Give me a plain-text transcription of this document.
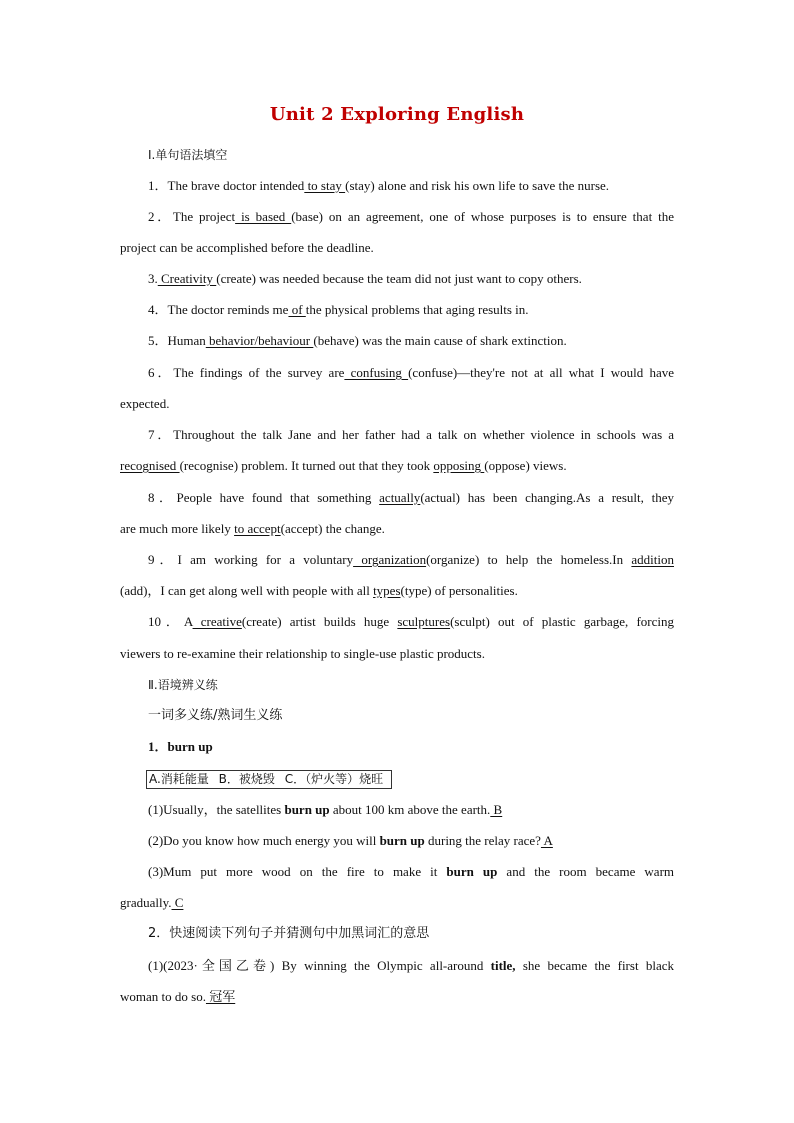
Unit 2 Exploring English
Ⅰ.单句语法填空
1．The brave doctor intended to stay (stay) alone and risk his own life to save the nurse.
2．The project is based (base) on an agreement, one of whose purposes is to ensure that the
project can be accomplished before the deadline.
3. Creativity (create) was needed because the team did not just want to copy others.
4．The doctor reminds me of the physical problems that aging results in.
5．Human behavior/behaviour (behave) was the main cause of shark extinction.
6．The findings of the survey are confusing (confuse)—they're not at all what I would have
expected.
7．Throughout the talk Jane and her father had a talk on whether violence in schools was a
recognised (recognise) problem. It turned out that they took opposing (oppose) views.
8．People have found that something actually(actual) has been changing.As a result, they
are much more likely to accept(accept) the change.
9．I am working for a voluntary organization(organize) to help the homeless.In addition
(add)，I can get along well with people with all types(type) of personalities.
10．A creative(create) artist builds huge sculptures(sculpt) out of plastic garbage, forcing
viewers to re-examine their relationship to single-use plastic products.
Ⅱ.语境辨义练
一词多义练/熟词生义练
1．burn up
A.消耗能量 B．被烧毁 C．（炉火等）烧旺
(1)Usually，the satellites burn up about 100 km above the earth. B
(2)Do you know how much energy you will burn up during the relay race? A
(3)Mum put more wood on the fire to make it burn up and the room became warm
gradually. C
2．快速阅读下列句子并猜测句中加黑词汇的意思
(1)(2023·全国乙卷) By winning the Olympic all-around title, she became the first black
woman to do so. 冠军
